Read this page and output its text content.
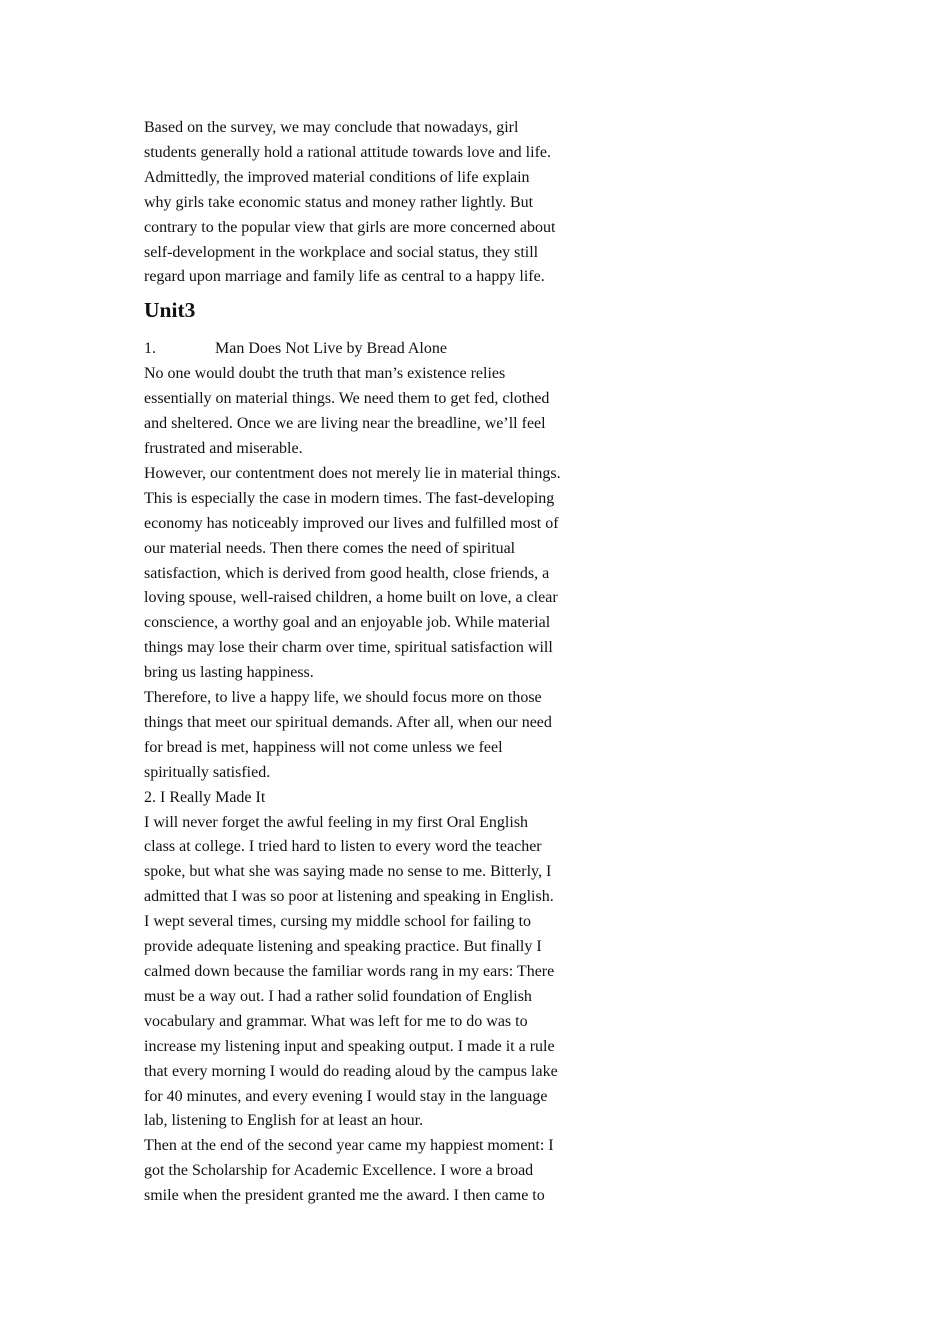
Based on the survey, we may conclude that nowadays, girl
students generally hold a rational attitude towards love and life.
Admittedly, the improved material conditions of life explain
why girls take economic status and money rather lightly. But
contrary to the popular view that girls are more concerned about
self-development in the workplace and social status, they still
regard upon marriage and family life as central to a happy life.

Unit3

1.	Man Does Not Live by Bread Alone

No one would doubt the truth that man’s existence relies
essentially on material things. We need them to get fed, clothed
and sheltered. Once we are living near the breadline, we’ll feel
frustrated and miserable.

However, our contentment does not merely lie in material things.
This is especially the case in modern times. The fast-developing
economy has noticeably improved our lives and fulfilled most of
our material needs. Then there comes the need of spiritual
satisfaction, which is derived from good health, close friends, a
loving spouse, well-raised children, a home built on love, a clear
conscience, a worthy goal and an enjoyable job. While material
things may lose their charm over time, spiritual satisfaction will
bring us lasting happiness.

Therefore, to live a happy life, we should focus more on those
things that meet our spiritual demands. After all, when our need
for bread is met, happiness will not come unless we feel
spiritually satisfied.

2. I Really Made It

I will never forget the awful feeling in my first Oral English
class at college. I tried hard to listen to every word the teacher
spoke, but what she was saying made no sense to me. Bitterly, I
admitted that I was so poor at listening and speaking in English.
I wept several times, cursing my middle school for failing to
provide adequate listening and speaking practice. But finally I
calmed down because the familiar words rang in my ears: There
must be a way out. I had a rather solid foundation of English
vocabulary and grammar. What was left for me to do was to
increase my listening input and speaking output. I made it a rule
that every morning I would do reading aloud by the campus lake
for 40 minutes, and every evening I would stay in the language
lab, listening to English for at least an hour.

Then at the end of the second year came my happiest moment: I
got the Scholarship for Academic Excellence. I wore a broad
smile when the president granted me the award. I then came to
